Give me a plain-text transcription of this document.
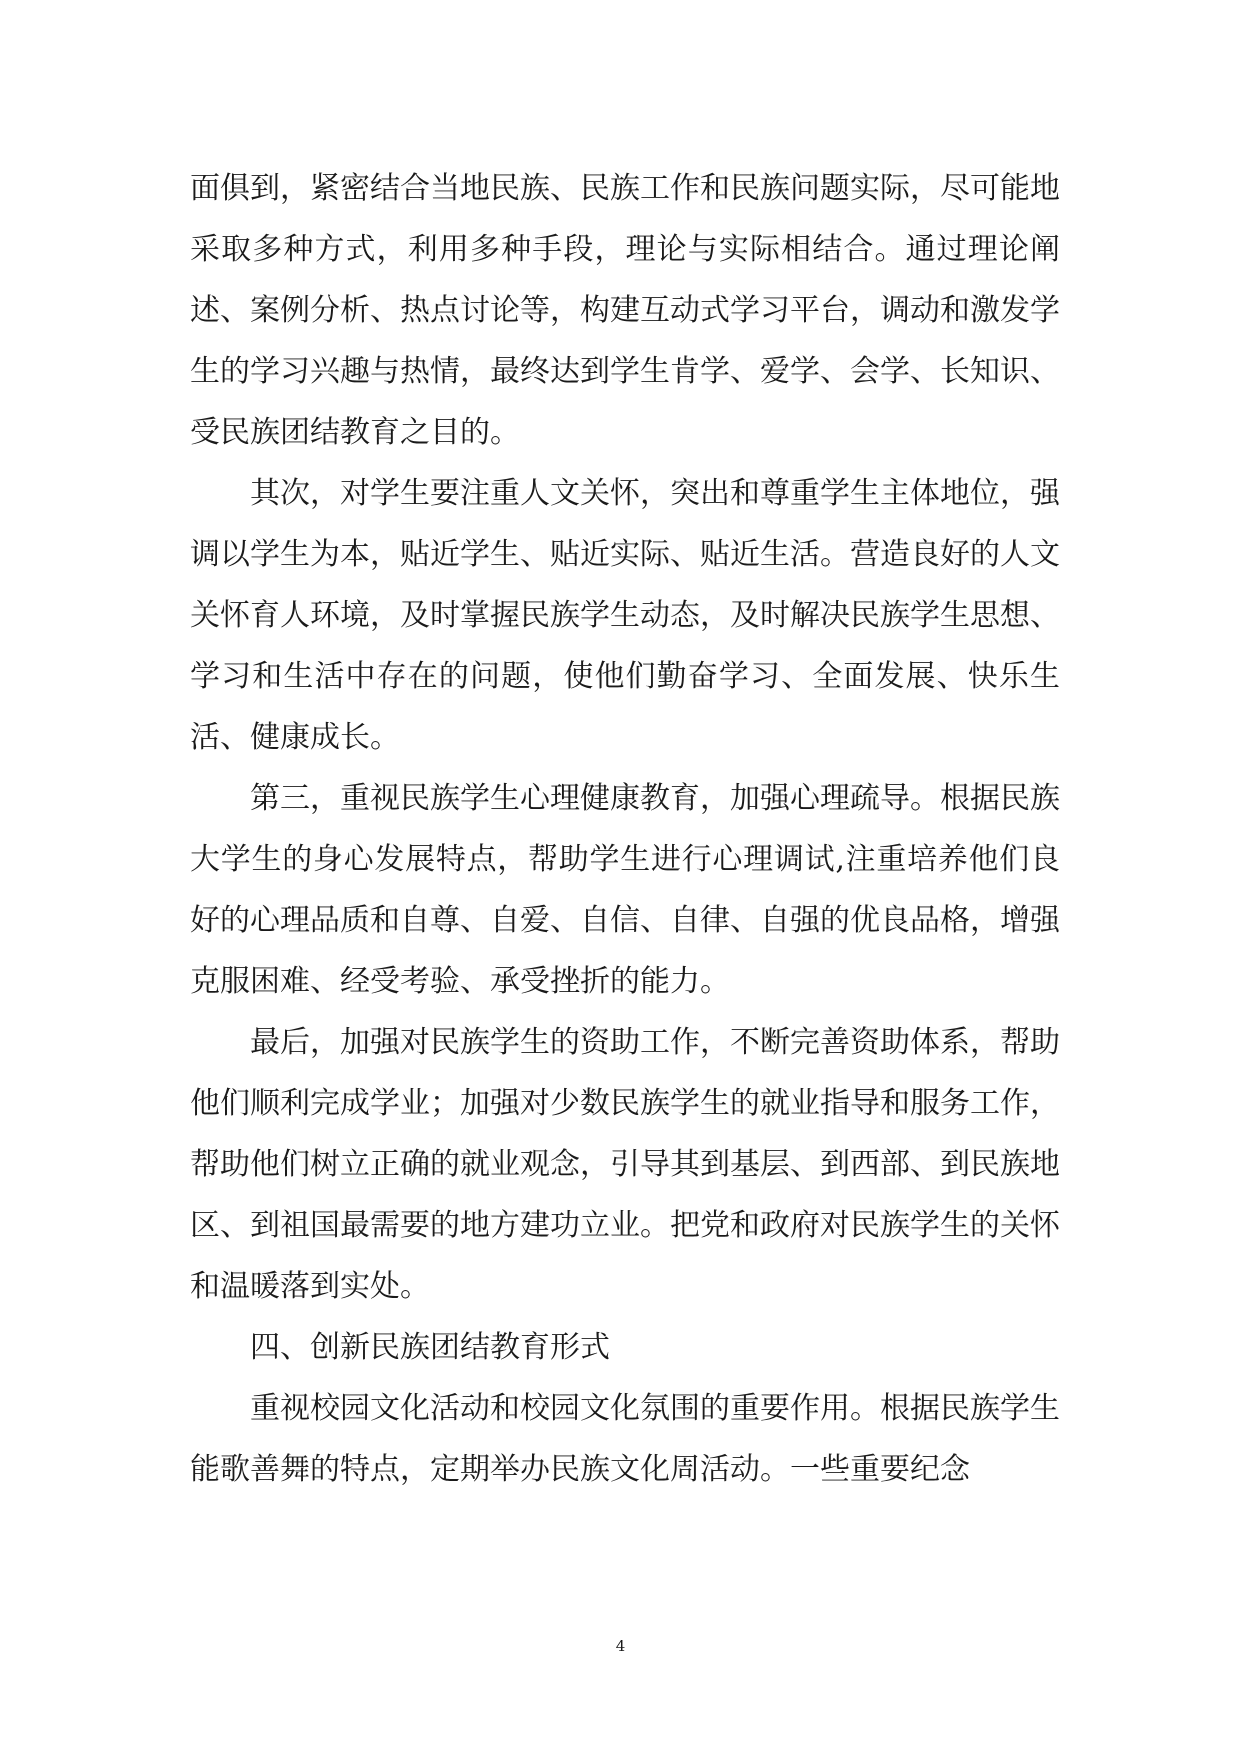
面俱到，紧密结合当地民族、民族工作和民族问题实际，尽可能地采取多种方式，利用多种手段，理论与实际相结合。通过理论阐述、案例分析、热点讨论等，构建互动式学习平台，调动和激发学生的学习兴趣与热情，最终达到学生肯学、爱学、会学、长知识、受民族团结教育之目的。

其次，对学生要注重人文关怀，突出和尊重学生主体地位，强调以学生为本，贴近学生、贴近实际、贴近生活。营造良好的人文关怀育人环境，及时掌握民族学生动态，及时解决民族学生思想、学习和生活中存在的问题，使他们勤奋学习、全面发展、快乐生活、健康成长。

第三，重视民族学生心理健康教育，加强心理疏导。根据民族大学生的身心发展特点，帮助学生进行心理调试,注重培养他们良好的心理品质和自尊、自爱、自信、自律、自强的优良品格，增强克服困难、经受考验、承受挫折的能力。

最后，加强对民族学生的资助工作，不断完善资助体系，帮助他们顺利完成学业；加强对少数民族学生的就业指导和服务工作，帮助他们树立正确的就业观念，引导其到基层、到西部、到民族地区、到祖国最需要的地方建功立业。把党和政府对民族学生的关怀和温暖落到实处。

四、创新民族团结教育形式

重视校园文化活动和校园文化氛围的重要作用。根据民族学生能歌善舞的特点，定期举办民族文化周活动。一些重要纪念

4
